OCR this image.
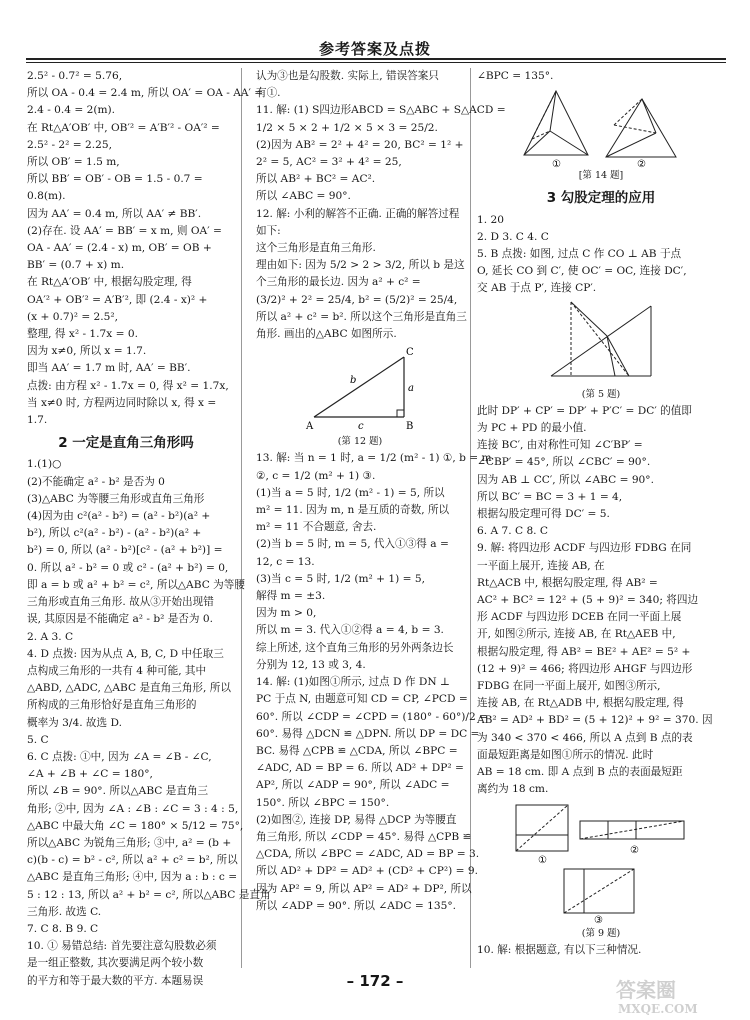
参考答案及点拨

2.5² - 0.7² = 5.76,

所以 OA - 0.4 = 2.4 m, 所以 OA′ = OA - AA′ =

2.4 - 0.4 = 2(m).

在 Rt△A′OB′ 中, OB′² = A′B′² - OA′² =

2.5² - 2² = 2.25,

所以 OB′ = 1.5 m,

所以 BB′ = OB′ - OB = 1.5 - 0.7 =

0.8(m).

因为 AA′ = 0.4 m, 所以 AA′ ≠ BB′.

(2)存在. 设 AA′ = BB′ = x m, 则 OA′ =

OA - AA′ = (2.4 - x) m, OB′ = OB +

BB′ = (0.7 + x) m.

在 Rt△A′OB′ 中, 根据勾股定理, 得

OA′² + OB′² = A′B′², 即 (2.4 - x)² +

(x + 0.7)² = 2.5²,

整理, 得 x² - 1.7x = 0.

因为 x≠0, 所以 x = 1.7.

即当 AA′ = 1.7 m 时, AA′ = BB′.

点拨: 由方程 x² - 1.7x = 0, 得 x² = 1.7x,

当 x≠0 时, 方程两边同时除以 x, 得 x =

1.7.

2 一定是直角三角形吗

1.(1)○

(2)不能确定 a² - b² 是否为 0

(3)△ABC 为等腰三角形或直角三角形

(4)因为由 c²(a² - b²) = (a² - b²)(a² +

b²), 所以 c²(a² - b²) - (a² - b²)(a² +

b²) = 0, 所以 (a² - b²)[c² - (a² + b²)] =

0. 所以 a² - b² = 0 或 c² - (a² + b²) = 0,

即 a = b 或 a² + b² = c², 所以△ABC 为等腰

三角形或直角三角形. 故从③开始出现错

误, 其原因是不能确定 a² - b² 是否为 0.

2. A 3. C

4. D 点拨: 因为从点 A, B, C, D 中任取三

点构成三角形的一共有 4 种可能, 其中

△ABD, △ADC, △ABC 是直角三角形, 所以

所构成的三角形恰好是直角三角形的

概率为 3/4. 故选 D.

5. C

6. C 点拨: ①中, 因为 ∠A = ∠B - ∠C,

∠A + ∠B + ∠C = 180°,

所以 ∠B = 90°. 所以△ABC 是直角三

角形; ②中, 因为 ∠A : ∠B : ∠C = 3 : 4 : 5,

△ABC 中最大角 ∠C = 180° × 5/12 = 75°,

所以△ABC 为锐角三角形; ③中, a² = (b +

c)(b - c) = b² - c², 所以 a² + c² = b², 所以

△ABC 是直角三角形; ④中, 因为 a : b : c =

5 : 12 : 13, 所以 a² + b² = c², 所以△ABC 是直角

三角形. 故选 C.

7. C 8. B 9. C

10. ① 易错总结: 首先要注意勾股数必须

是一组正整数, 其次要满足两个较小数

的平方和等于最大数的平方. 本题易误

认为③也是勾股数. 实际上, 错误答案只

有①.

11. 解: (1) S四边形ABCD = S△ABC + S△ACD =

1/2 × 5 × 2 + 1/2 × 5 × 3 = 25/2.

(2)因为 AB² = 2² + 4² = 20, BC² = 1² +

2² = 5, AC² = 3² + 4² = 25,

所以 AB² + BC² = AC².

所以 ∠ABC = 90°.

12. 解: 小利的解答不正确. 正确的解答过程

如下:

这个三角形是直角三角形.

理由如下: 因为 5/2 > 2 > 3/2, 所以 b 是这

个三角形的最长边. 因为 a² + c² =

(3/2)² + 2² = 25/4, b² = (5/2)² = 25/4,

所以 a² + c² = b². 所以这个三角形是直角三

角形. 画出的△ABC 如图所示.

A	B
C
a
b
c
(第 12 题)

13. 解: 当 n = 1 时, a = 1/2 (m² - 1) ①, b = m

②, c = 1/2 (m² + 1) ③.

(1)当 a = 5 时, 1/2 (m² - 1) = 5, 所以

m² = 11. 因为 m, n 是互质的奇数, 所以

m² = 11 不合题意, 舍去.

(2)当 b = 5 时, m = 5, 代入①③得 a =

12, c = 13.

(3)当 c = 5 时, 1/2 (m² + 1) = 5,

解得 m = ±3.

因为 m > 0,

所以 m = 3. 代入①②得 a = 4, b = 3.

综上所述, 这个直角三角形的另外两条边长

分别为 12, 13 或 3, 4.

14. 解: (1)如图①所示, 过点 D 作 DN ⊥

PC 于点 N, 由题意可知 CD = CP, ∠PCD =

60°. 所以 ∠CDP = ∠CPD = (180° - 60°)/2 =

60°. 易得 △DCN ≌ △DPN. 所以 DP = DC =

BC. 易得 △CPB ≌ △CDA, 所以 ∠BPC =

∠ADC, AD = BP = 6. 所以 AD² + DP² =

AP², 所以 ∠ADP = 90°, 所以 ∠ADC =

150°. 所以 ∠BPC = 150°.

(2)如图②, 连接 DP, 易得 △DCP 为等腰直

角三角形, 所以 ∠CDP = 45°. 易得 △CPB ≌

△CDA, 所以 ∠BPC = ∠ADC, AD = BP = 3.

所以 AD² + DP² = AD² + (CD² + CP²) = 9.

因为 AP² = 9, 所以 AP² = AD² + DP², 所以

所以 ∠ADP = 90°. 所以 ∠ADC = 135°.

∠BPC = 135°.

①	②
[第 14 题]
3 勾股定理的应用

1. 20

2. D 3. C 4. C

5. B 点拨: 如图, 过点 C 作 CO ⊥ AB 于点

O, 延长 CO 到 C′, 使 OC′ = OC, 连接 DC′,

交 AB 于点 P′, 连接 CP′.

(第 5 题)

此时 DP′ + CP′ = DP′ + P′C′ = DC′ 的值即

为 PC + PD 的最小值.

连接 BC′, 由对称性可知 ∠C′BP′ =

∠CBP′ = 45°, 所以 ∠CBC′ = 90°.

因为 AB ⊥ CC′, 所以 ∠ABC = 90°.

所以 BC′ = BC = 3 + 1 = 4,

根据勾股定理可得 DC′ = 5.

6. A 7. C 8. C

9. 解: 将四边形 ACDF 与四边形 FDBG 在同

一平面上展开, 连接 AB, 在

Rt△ACB 中, 根据勾股定理, 得 AB² =

AC² + BC² = 12² + (5 + 9)² = 340; 将四边

形 ACDF 与四边形 DCEB 在同一平面上展

开, 如图②所示, 连接 AB, 在 Rt△AEB 中,

根据勾股定理, 得 AB² = BE² + AE² = 5² +

(12 + 9)² = 466; 将四边形 AHGF 与四边形

FDBG 在同一平面上展开, 如图③所示,

连接 AB, 在 Rt△ADB 中, 根据勾股定理, 得

AB² = AD² + BD² = (5 + 12)² + 9² = 370. 因

为 340 < 370 < 466, 所以 A 点到 B 点的表

面最短距离是如图①所示的情况. 此时

AB = 18 cm. 即 A 点到 B 点的表面最短距

离约为 18 cm.

①
②
③
(第 9 题)

10. 解: 根据题意, 有以下三种情况.

– 172 –	答案圈
MXQE.COM
